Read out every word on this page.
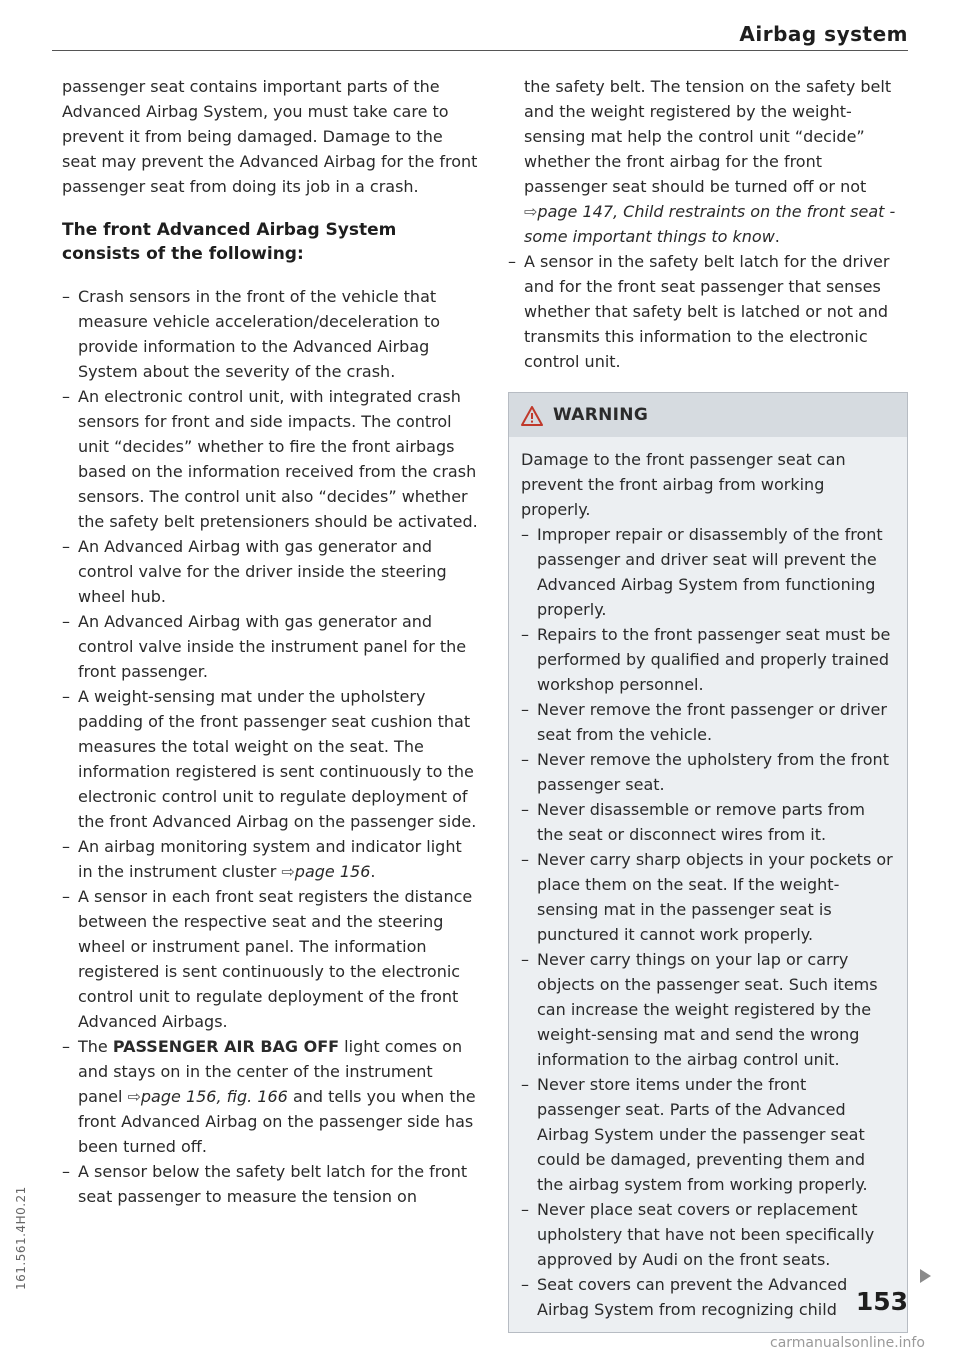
Airbag system

passenger seat contains important parts of the Advanced Airbag System, you must take care to prevent it from being damaged. Damage to the seat may prevent the Advanced Airbag for the front passenger seat from doing its job in a crash.

The front Advanced Airbag System consists of the following:
– Crash sensors in the front of the vehicle that measure vehicle acceleration/deceleration to provide information to the Advanced Airbag System about the severity of the crash.
– An electronic control unit, with integrated crash sensors for front and side impacts. The control unit “decides” whether to fire the front airbags based on the information received from the crash sensors. The control unit also “decides” whether the safety belt pretensioners should be activated.
– An Advanced Airbag with gas generator and control valve for the driver inside the steering wheel hub.
– An Advanced Airbag with gas generator and control valve inside the instrument panel for the front passenger.
– A weight-sensing mat under the upholstery padding of the front passenger seat cushion that measures the total weight on the seat. The information registered is sent continuously to the electronic control unit to regulate deployment of the front Advanced Airbag on the passenger side.
– An airbag monitoring system and indicator light in the instrument cluster ⇨page 156.
– A sensor in each front seat registers the distance between the respective seat and the steering wheel or instrument panel. The information registered is sent continuously to the electronic control unit to regulate deployment of the front Advanced Airbags.
– The PASSENGER AIR BAG OFF light comes on and stays on in the center of the instrument panel ⇨page 156, fig. 166 and tells you when the front Advanced Airbag on the passenger side has been turned off.
– A sensor below the safety belt latch for the front seat passenger to measure the tension on
the safety belt. The tension on the safety belt and the weight registered by the weight-sensing mat help the control unit “decide” whether the front airbag for the front passenger seat should be turned off or not ⇨page 147, Child restraints on the front seat - some important things to know.
– A sensor in the safety belt latch for the driver and for the front seat passenger that senses whether that safety belt is latched or not and transmits this information to the electronic control unit.
WARNING

Damage to the front passenger seat can prevent the front airbag from working properly.

– Improper repair or disassembly of the front passenger and driver seat will prevent the Advanced Airbag System from functioning properly.
– Repairs to the front passenger seat must be performed by qualified and properly trained workshop personnel.
– Never remove the front passenger or driver seat from the vehicle.
– Never remove the upholstery from the front passenger seat.
– Never disassemble or remove parts from the seat or disconnect wires from it.
– Never carry sharp objects in your pockets or place them on the seat. If the weight-sensing mat in the passenger seat is punctured it cannot work properly.
– Never carry things on your lap or carry objects on the passenger seat. Such items can increase the weight registered by the weight-sensing mat and send the wrong information to the airbag control unit.
– Never store items under the front passenger seat. Parts of the Advanced Airbag System under the passenger seat could be damaged, preventing them and the airbag system from working properly.
– Never place seat covers or replacement upholstery that have not been specifically approved by Audi on the front seats.
– Seat covers can prevent the Advanced Airbag System from recognizing child 153
161.561.4H0.21
carmanualsonline.info
